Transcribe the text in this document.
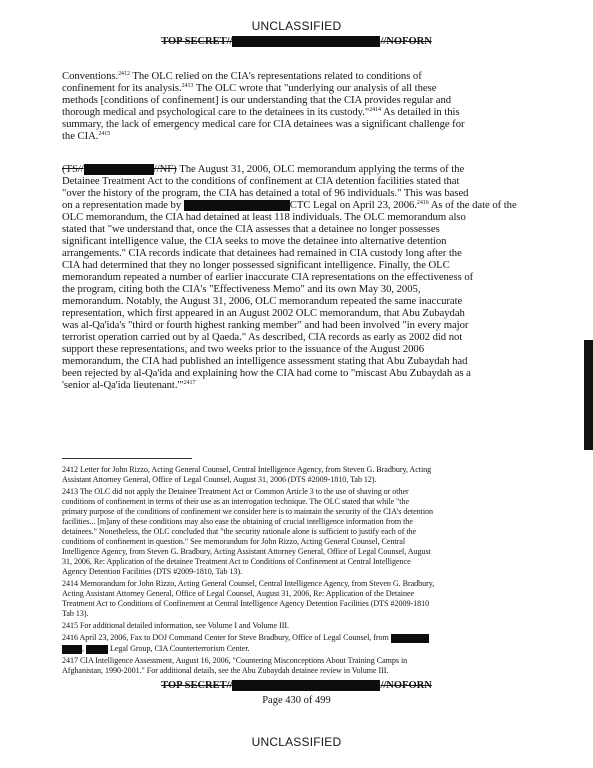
UNCLASSIFIED
TOP SECRET//	//NOFORN
Conventions.$^{2412}$ The OLC relied on the CIA's representations related to conditions of
confinement for its analysis.$^{2413}$ The OLC wrote that "underlying our analysis of all these
methods [conditions of confinement] is our understanding that the CIA provides regular and
thorough medical and psychological care to the detainees in its custody."$^{2414}$ As detailed in this
summary, the lack of emergency medical care for CIA detainees was a significant challenge for
the CIA.$^{2415}$
(TS//	//NF) The August 31, 2006, OLC memorandum applying the terms of the
Detainee Treatment Act to the conditions of confinement at CIA detention facilities stated that
"over the history of the program, the CIA has detained a total of 96 individuals." This was based
on a representation made by	CTC Legal on April 23, 2006.$^{2416}$ As of the date of the
OLC memorandum, the CIA had detained at least 118 individuals. The OLC memorandum also
stated that "we understand that, once the CIA assesses that a detainee no longer possesses
significant intelligence value, the CIA seeks to move the detainee into alternative detention
arrangements." CIA records indicate that detainees had remained in CIA custody long after the
CIA had determined that they no longer possessed significant intelligence. Finally, the OLC
memorandum repeated a number of earlier inaccurate CIA representations on the effectiveness of
the program, citing both the CIA's "Effectiveness Memo" and its own May 30, 2005,
memorandum. Notably, the August 31, 2006, OLC memorandum repeated the same inaccurate
representation, which first appeared in an August 2002 OLC memorandum, that Abu Zubaydah
was al-Qa'ida's "third or fourth highest ranking member" and had been involved "in every major
terrorist operation carried out by al Qaeda." As described, CIA records as early as 2002 did not
support these representations, and two weeks prior to the issuance of the August 2006
memorandum, the CIA had published an intelligence assessment stating that Abu Zubaydah had
been rejected by al-Qa'ida and explaining how the CIA had come to "miscast Abu Zubaydah as a
'senior al-Qa'ida lieutenant.'"$^{2417}$
2412 Letter for John Rizzo, Acting General Counsel, Central Intelligence Agency, from Steven G. Bradbury, Acting
Assistant Attorney General, Office of Legal Counsel, August 31, 2006 (DTS #2009-1810, Tab 12).
2413 The OLC did not apply the Detainee Treatment Act or Common Article 3 to the use of shaving or other
conditions of confinement in terms of their use as an interrogation technique. The OLC stated that while "the
primary purpose of the conditions of confinement we consider here is to maintain the security of the CIA's detention
facilities... [m]any of these conditions may also ease the obtaining of crucial intelligence information from the
detainees." Nonetheless, the OLC concluded that "the security rationale alone is sufficient to justify each of the
conditions of confinement in question." See memorandum for John Rizzo, Acting General Counsel, Central
Intelligence Agency, from Steven G. Bradbury, Acting Assistant Attorney General, Office of Legal Counsel, August
31, 2006, Re: Application of the detainee Treatment Act to Conditions of Confinement at Central Intelligence
Agency Detention Facilities (DTS #2009-1810, Tab 13).
2414 Memorandum for John Rizzo, Acting General Counsel, Central Intelligence Agency, from Steven G. Bradbury,
Acting Assistant Attorney General, Office of Legal Counsel, August 31, 2006, Re: Application of the Detainee
Treatment Act to Conditions of Confinement at Central Intelligence Agency Detention Facilities (DTS #2009-1810
Tab 13).
2415 For additional detailed information, see Volume I and Volume III.
2416 April 23, 2006, Fax to DOJ Command Center for Steve Bradbury, Office of Legal Counsel, from
,	Legal Group, CIA Counterterrorism Center.
2417 CIA Intelligence Assessment, August 16, 2006, "Countering Misconceptions About Training Camps in
Afghanistan, 1990-2001." For additional details, see the Abu Zubaydah detainee review in Volume III.
TOP SECRET//	//NOFORN
Page 430 of 499
UNCLASSIFIED
